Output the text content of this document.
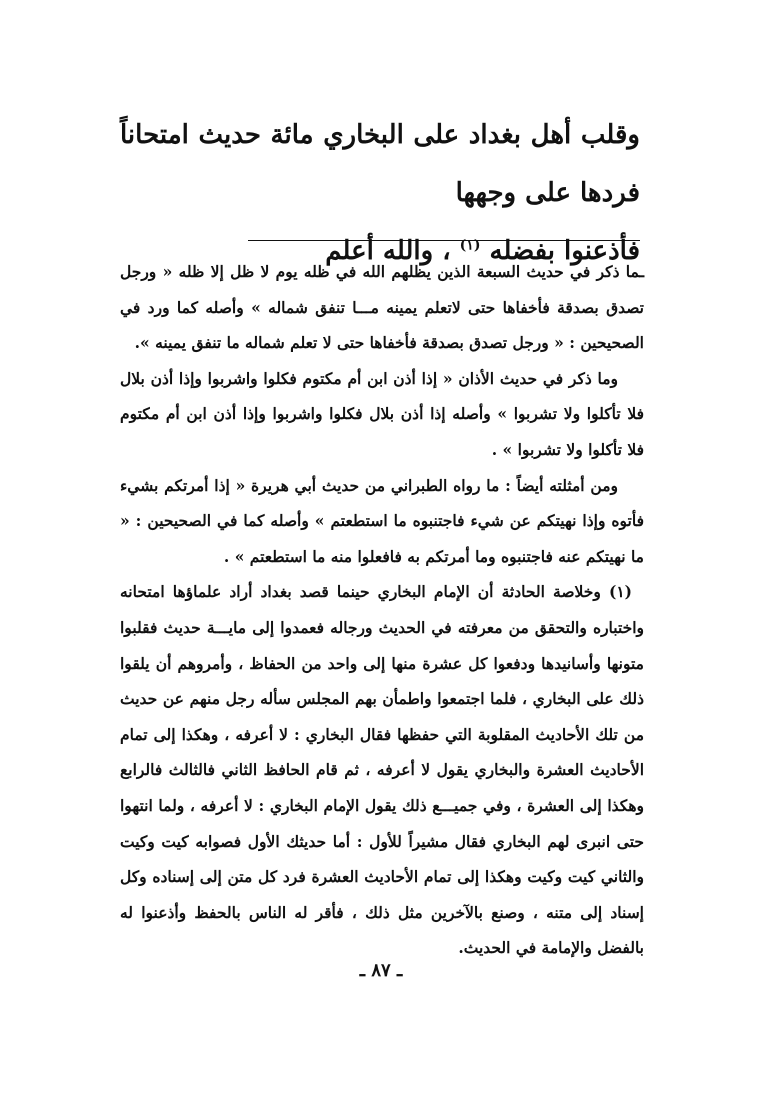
وقلب أهل بغداد على البخاري مائة حديث امتحاناً فردها على وجهها

فأذعنوا بفضله $^{(١)}$ ، والله أعلم

ـما ذكر في حديث السبعة الذين يظلهم الله في ظله يوم لا ظل إلا ظله « ورجل تصدق بصدقة فأخفاها حتى لاتعلم يمينه مـــا تنفق شماله » وأصله كما ورد في الصحيحين : « ورجل تصدق بصدقة فأخفاها حتى لا تعلم شماله ما تنفق يمينه ».

وما ذكر في حديث الأذان « إذا أذن ابن أم مكتوم فكلوا واشربوا وإذا أذن بلال فلا تأكلوا ولا تشربوا » وأصله إذا أذن بلال فكلوا واشربوا وإذا أذن ابن أم مكتوم فلا تأكلوا ولا تشربوا » .

ومن أمثلته أيضاً : ما رواه الطبراني من حديث أبي هريرة « إذا أمرتكم بشيء فأتوه وإذا نهيتكم عن شيء فاجتنبوه ما استطعتم » وأصله كما في الصحيحين : « ما نهيتكم عنه فاجتنبوه وما أمرتكم به فافعلوا منه ما استطعتم » .

(١) وخلاصة الحادثة أن الإمام البخاري حينما قصد بغداد أراد علماؤها امتحانه واختباره والتحقق من معرفته في الحديث ورجاله فعمدوا إلى مايـــة حديث فقلبوا متونها وأسانيدها ودفعوا كل عشرة منها إلى واحد من الحفاظ ، وأمروهم أن يلقوا ذلك على البخاري ، فلما اجتمعوا واطمأن بهم المجلس سأله رجل منهم عن حديث من تلك الأحاديث المقلوبة التي حفظها فقال البخاري : لا أعرفه ، وهكذا إلى تمام الأحاديث العشرة والبخاري يقول لا أعرفه ، ثم قام الحافظ الثاني فالثالث فالرابع وهكذا إلى العشرة ، وفي جميـــع ذلك يقول الإمام البخاري : لا أعرفه ، ولما انتهوا حتى انبرى لهم البخاري فقال مشيراً للأول : أما حديثك الأول فصوابه كيت وكيت والثاني كيت وكيت وهكذا إلى تمام الأحاديث العشرة فرد كل متن إلى إسناده وكل إسناد إلى متنه ، وصنع بالآخرين مثل ذلك ، فأقر له الناس بالحفظ وأذعنوا له بالفضل والإمامة في الحديث.

ـ ٨٧ ـ
